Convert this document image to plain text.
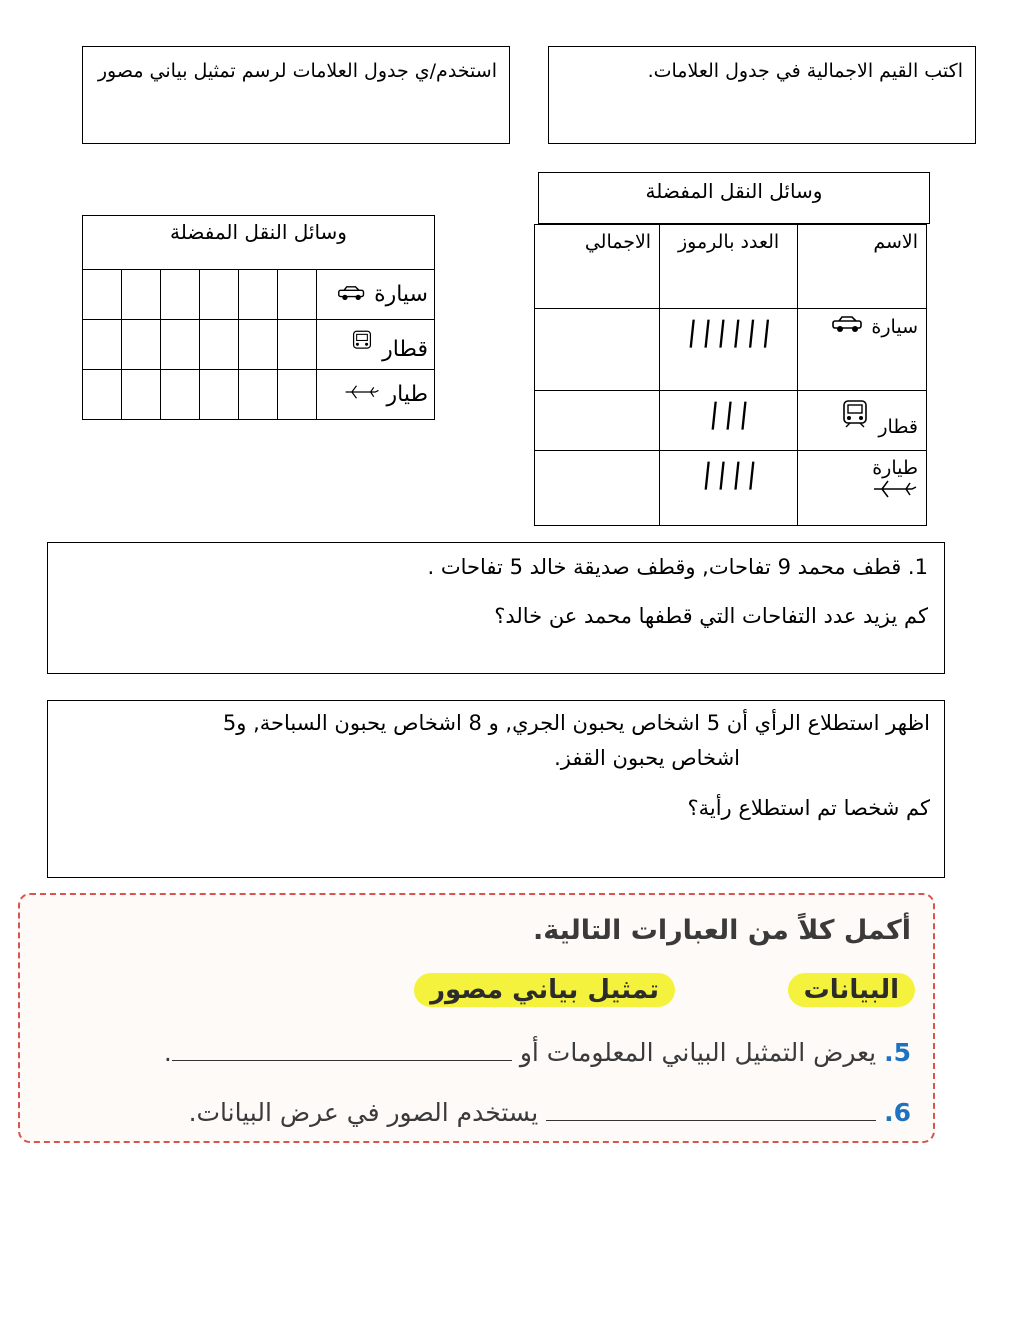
استخدم/ي جدول العلامات لرسم تمثيل بياني مصور	اكتب القيم الاجمالية في جدول العلامات.
وسائل النقل المفضلة
الاسم	العدد بالرموز	الاجمالي
سيارة	||||||	
قطار	|||	

طيارة	||||	
وسائل النقل المفضلة						
سيارة						
قطار						
طيار						
1. قطف محمد 9 تفاحات, وقطف صديقة خالد 5 تفاحات .
كم يزيد عدد التفاحات التي قطفها محمد عن خالد؟
اظهر استطلاع الرأي أن 5 اشخاص يحبون الجري, و 8 اشخاص يحبون السباحة, و5
اشخاص يحبون القفز.
كم شخصا تم استطلاع رأية؟
أكمل كلاً من العبارات التالية.
البيانات
تمثيل بياني مصور
5. يعرض التمثيل البياني المعلومات أو .
6.  يستخدم الصور في عرض البيانات.
